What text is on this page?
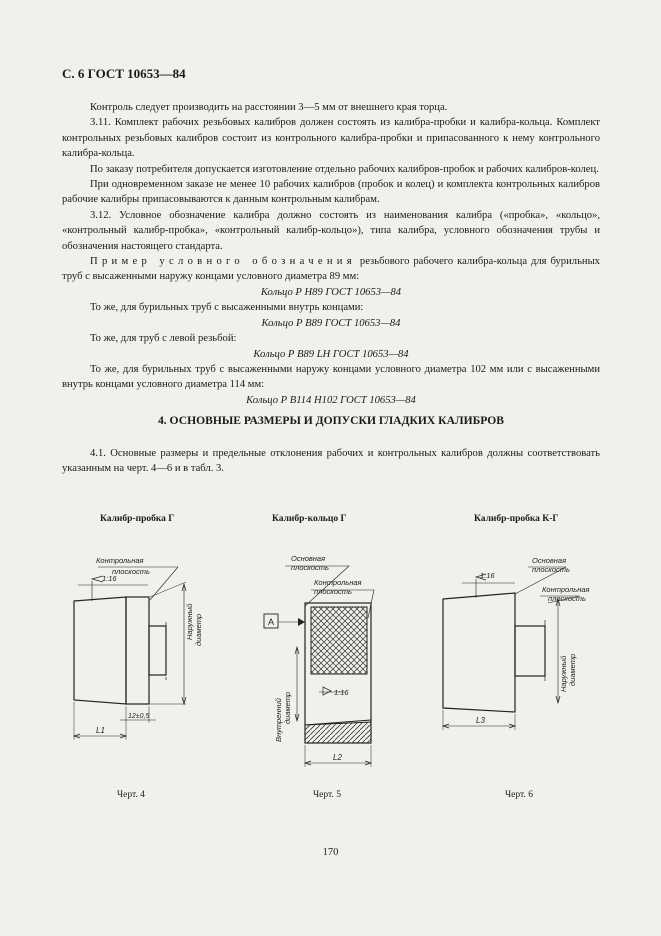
С. 6 ГОСТ 10653—84

Контроль следует производить на расстоянии 3—5 мм от внешнего края торца.

3.11. Комплект рабочих резьбовых калибров должен состоять из калибра-пробки и калибра-кольца. Комплект контрольных резьбовых калибров состоит из контрольного калибра-пробки и припасованного к нему контрольного калибра-кольца.

По заказу потребителя допускается изготовление отдельно рабочих калибров-пробок и рабочих калибров-колец.

При одновременном заказе не менее 10 рабочих калибров (пробок и колец) и комплекта контрольных калибров рабочие калибры припасовываются к данным контрольным калибрам.

3.12. Условное обозначение калибра должно состоять из наименования калибра («пробка», «кольцо», «контрольный калибр-пробка», «контрольный калибр-кольцо»), типа калибра, условного обозначения трубы и обозначения настоящего стандарта.

Пример условного обозначения резьбового рабочего калибра-кольца для бурильных труб с высаженными наружу концами условного диаметра 89 мм:

Кольцо Р Н89 ГОСТ 10653—84

То же, для бурильных труб с высаженными внутрь концами:

Кольцо Р В89 ГОСТ 10653—84

То же, для труб с левой резьбой:

Кольцо Р В89 LH ГОСТ 10653—84

То же, для бурильных труб с высаженными наружу концами условного диаметра 102 мм или с высаженными внутрь концами условного диаметра 114 мм:

Кольцо Р В114 Н102 ГОСТ 10653—84

4. ОСНОВНЫЕ РАЗМЕРЫ И ДОПУСКИ ГЛАДКИХ КАЛИБРОВ

4.1. Основные размеры и предельные отклонения рабочих и контрольных калибров должны соответствовать указанным на черт. 4—6 и в табл. 3.

Калибр-пробка Г	Калибр-кольцо Г	Калибр-пробка К-Г
Контрольная
плоскость
1:16
Наружный диаметр
12±0,5
L1
А
Основная
плоскость
Контрольная
плоскость
Внутренний диаметр	1:16
L2
Основная
плоскость
1:16
Контрольная
плоскость
Наружный диаметр
L3
Черт. 4	Черт. 5	Черт. 6
170
